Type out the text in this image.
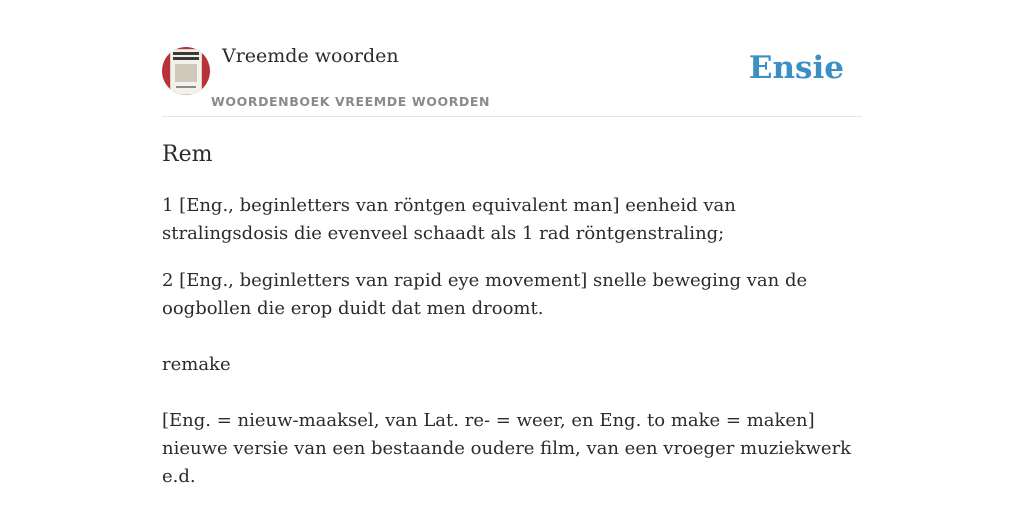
Vreemde woorden
WOORDENBOEK VREEMDE WOORDEN
Ensie
Rem

1 [Eng., beginletters van röntgen equivalent man] eenheid van stralingsdosis die evenveel schaadt als 1 rad röntgenstraling;

2 [Eng., beginletters van rapid eye movement] snelle beweging van de oogbollen die erop duidt dat men droomt.

remake

[Eng. = nieuw-maaksel, van Lat. re- = weer, en Eng. to make = maken] nieuwe versie van een bestaande oudere film, van een vroeger muziekwerk e.d.
